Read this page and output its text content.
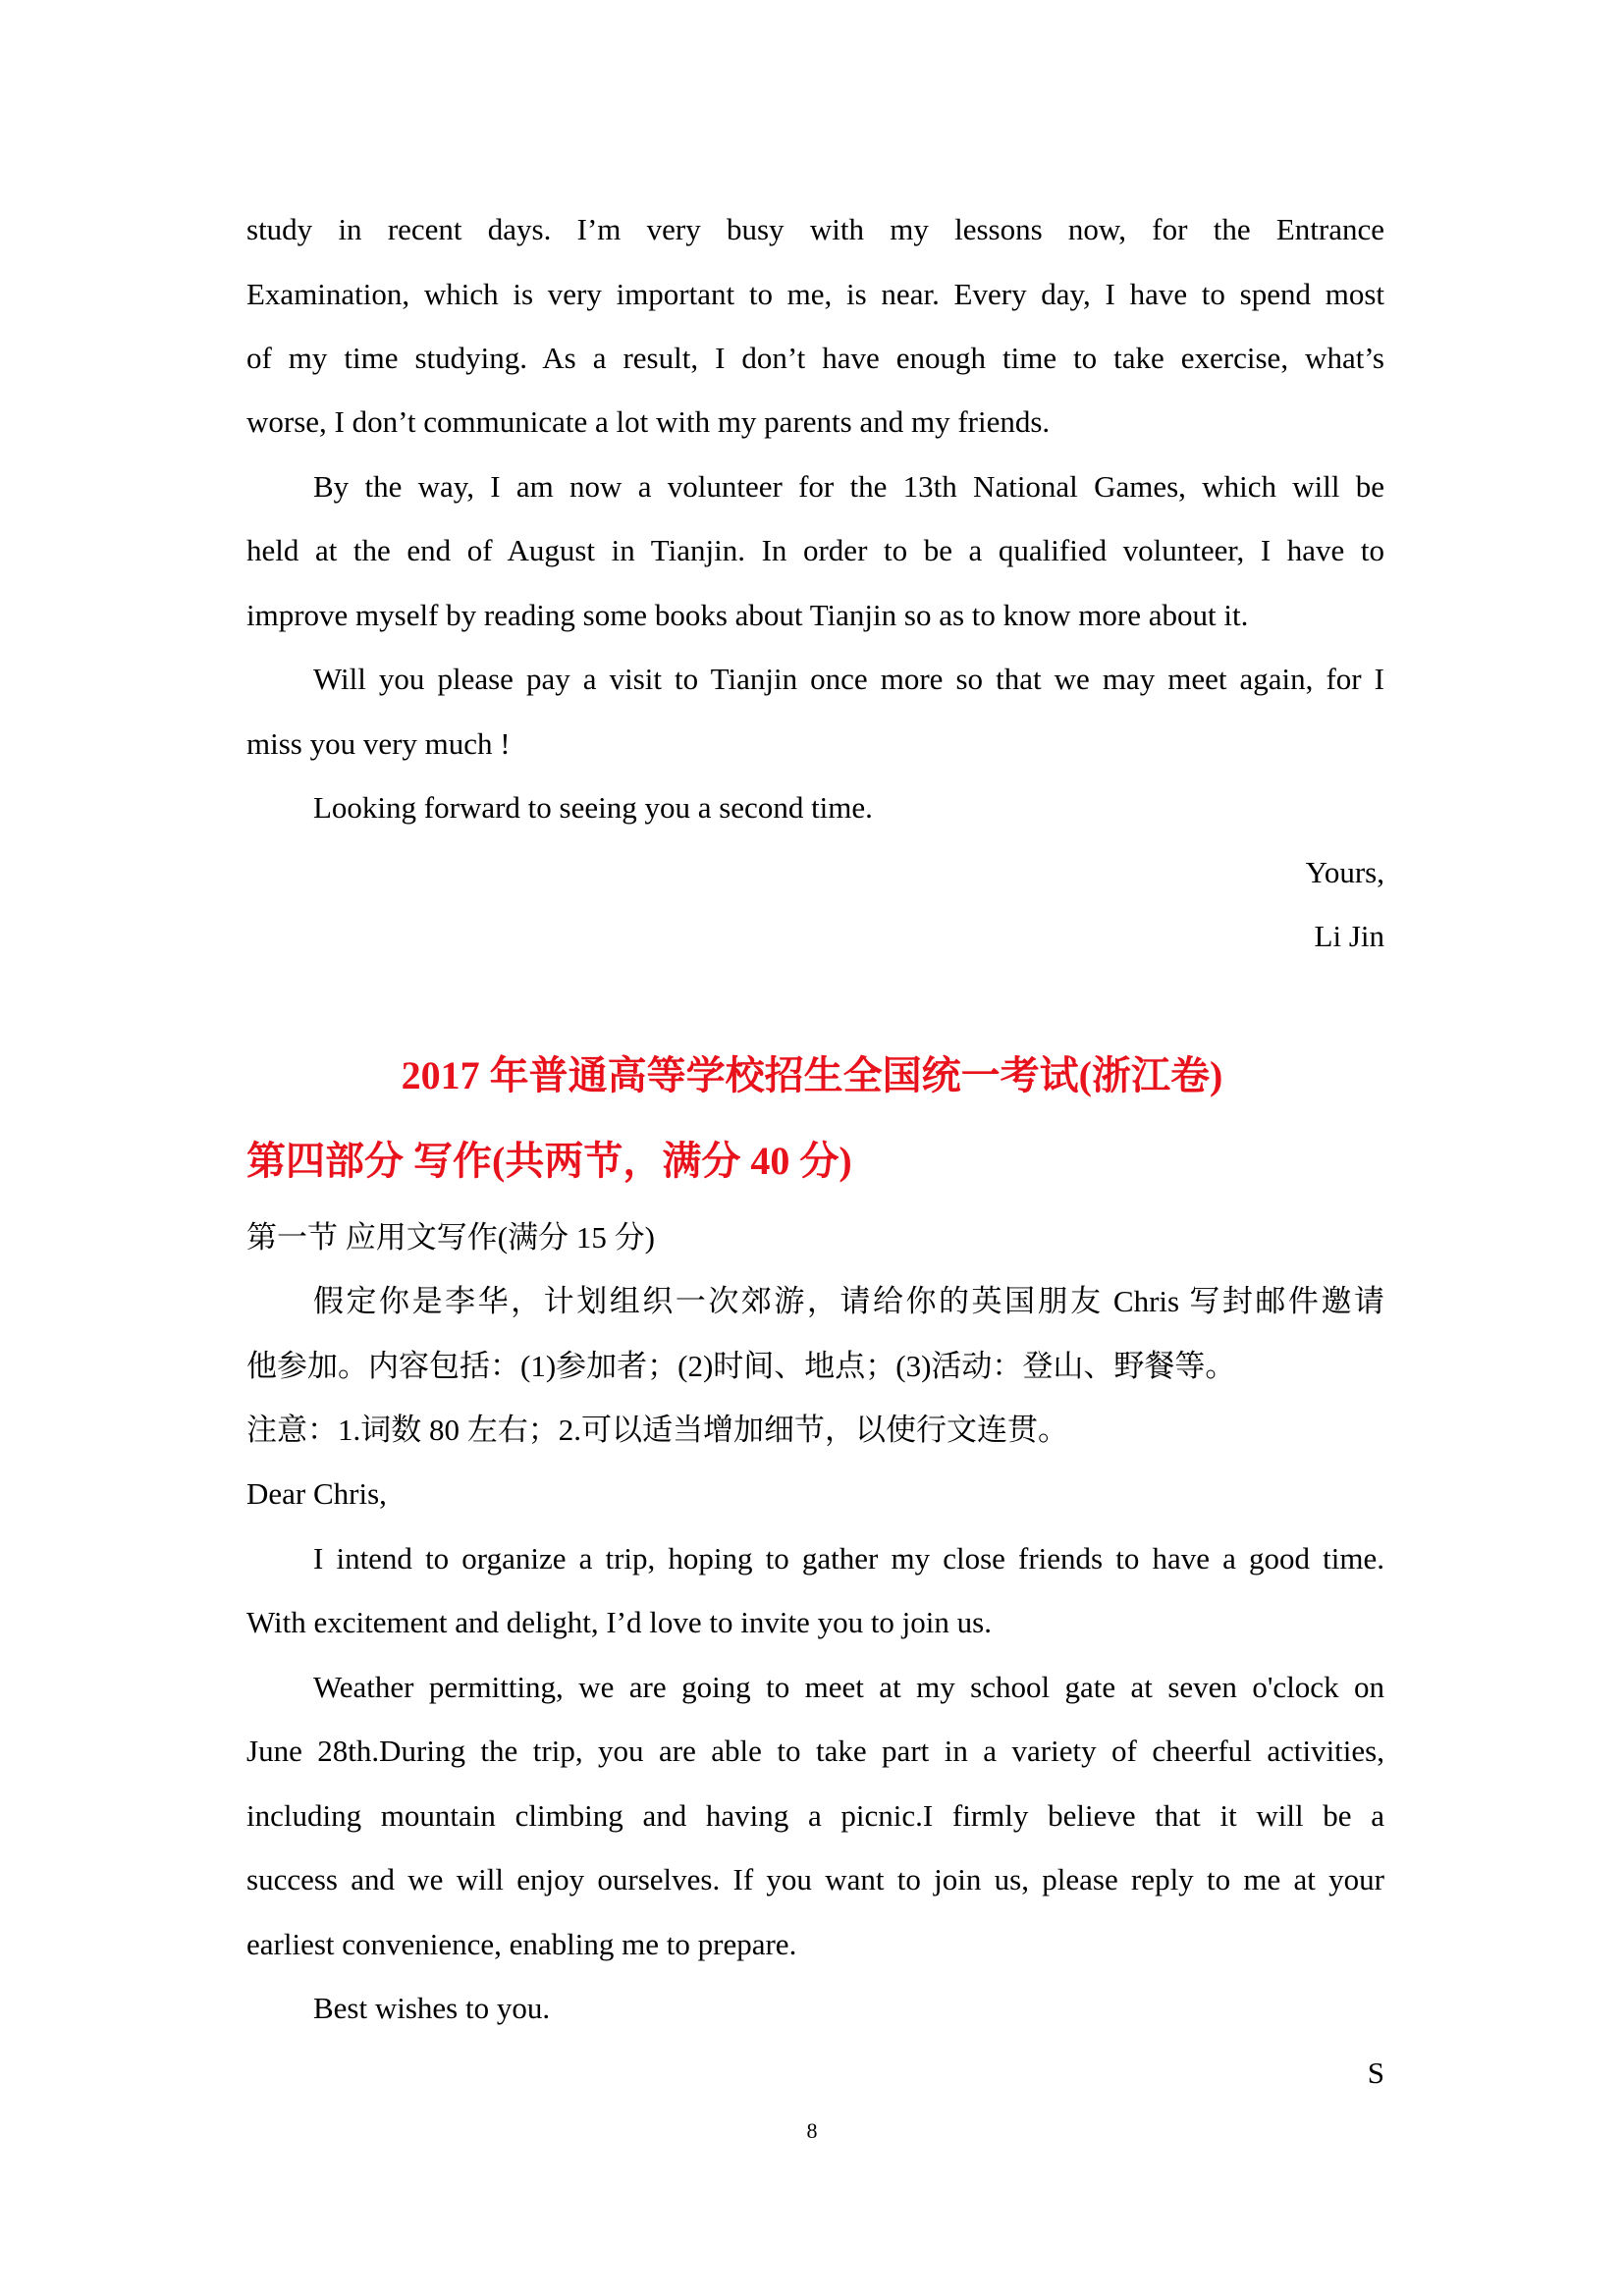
study in recent days. I’m very busy with my lessons now, for the Entrance
Examination, which is very important to me, is near. Every day, I have to spend most
of my time studying. As a result, I don’t have enough time to take exercise, what’s
worse, I don’t communicate a lot with my parents and my friends.
By the way, I am now a volunteer for the 13th National Games, which will be
held at the end of August in Tianjin. In order to be a qualified volunteer, I have to
improve myself by reading some books about Tianjin so as to know more about it.
Will you please pay a visit to Tianjin once more so that we may meet again, for I
miss you very much !
Looking forward to seeing you a second time.
Yours,
Li Jin
2017 年普通高等学校招生全国统一考试(浙江卷)
第四部分 写作(共两节，满分 40 分)
第一节 应用文写作(满分 15 分)
假定你是李华，计划组织一次郊游，请给你的英国朋友 Chris 写封邮件邀请
他参加。内容包括：(1)参加者；(2)时间、地点；(3)活动：登山、野餐等。
注意：1.词数 80 左右；2.可以适当增加细节，以使行文连贯。
Dear Chris,
I intend to organize a trip, hoping to gather my close friends to have a good time.
With excitement and delight, I’d love to invite you to join us.
Weather permitting, we are going to meet at my school gate at seven o'clock on
June 28th.During the trip, you are able to take part in a variety of cheerful activities,
including mountain climbing and having a picnic.I firmly believe that it will be a
success and we will enjoy ourselves. If you want to join us, please reply to me at your
earliest convenience, enabling me to prepare.
Best wishes to you.
S
8
